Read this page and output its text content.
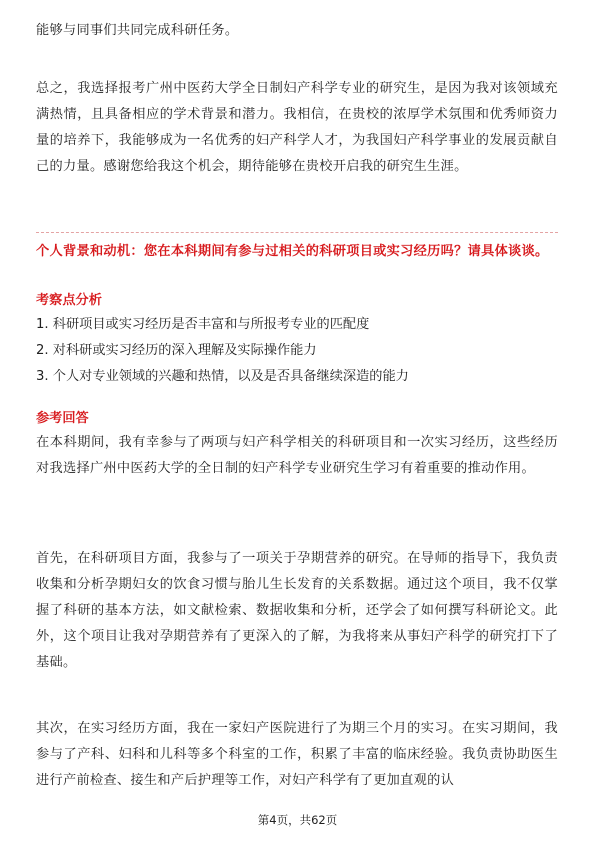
能够与同事们共同完成科研任务。

总之，我选择报考广州中医药大学全日制妇产科学专业的研究生，是因为我对该领域充满热情，且具备相应的学术背景和潜力。我相信，在贵校的浓厚学术氛围和优秀师资力量的培养下，我能够成为一名优秀的妇产科学人才，为我国妇产科学事业的发展贡献自己的力量。感谢您给我这个机会，期待能够在贵校开启我的研究生生涯。

个人背景和动机：您在本科期间有参与过相关的科研项目或实习经历吗？请具体谈谈。

考察点分析

1. 科研项目或实习经历是否丰富和与所报考专业的匹配度

2. 对科研或实习经历的深入理解及实际操作能力

3. 个人对专业领域的兴趣和热情，以及是否具备继续深造的能力

参考回答

在本科期间，我有幸参与了两项与妇产科学相关的科研项目和一次实习经历，这些经历对我选择广州中医药大学的全日制的妇产科学专业研究生学习有着重要的推动作用。

首先，在科研项目方面，我参与了一项关于孕期营养的研究。在导师的指导下，我负责收集和分析孕期妇女的饮食习惯与胎儿生长发育的关系数据。通过这个项目，我不仅掌握了科研的基本方法，如文献检索、数据收集和分析，还学会了如何撰写科研论文。此外，这个项目让我对孕期营养有了更深入的了解，为我将来从事妇产科学的研究打下了基础。

其次，在实习经历方面，我在一家妇产医院进行了为期三个月的实习。在实习期间，我参与了产科、妇科和儿科等多个科室的工作，积累了丰富的临床经验。我负责协助医生进行产前检查、接生和产后护理等工作，对妇产科学有了更加直观的认

第4页，共62页
